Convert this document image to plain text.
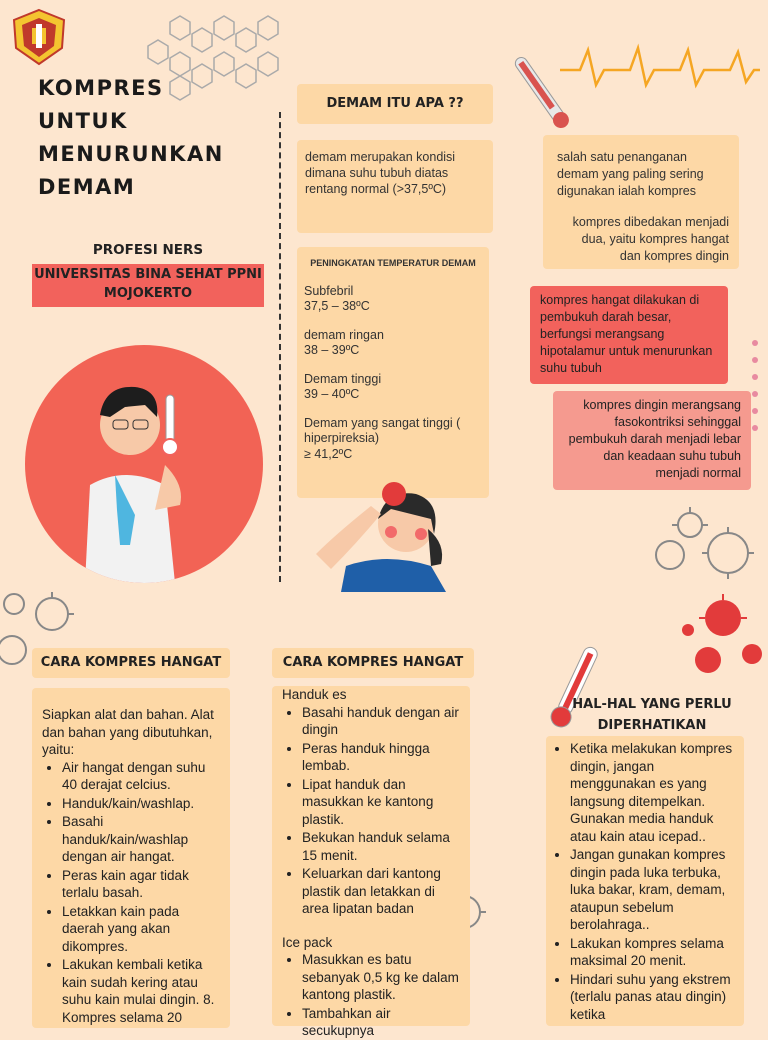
KOMPRES
UNTUK
MENURUNKAN
DEMAM
PROFESI NERS
UNIVERSITAS BINA SEHAT PPNI MOJOKERTO
DEMAM ITU APA ??
demam merupakan kondisi dimana suhu tubuh diatas rentang normal (>37,5ºC)
PENINGKATAN TEMPERATUR DEMAM
Subfebril
37,5 – 38ºC
demam ringan
38 – 39ºC
Demam tinggi
39 – 40ºC
Demam yang sangat tinggi ( hiperpireksia)
≥ 41,2ºC
salah satu penanganan demam yang paling sering digunakan ialah kompres
kompres dibedakan menjadi dua, yaitu kompres hangat dan kompres dingin
kompres hangat dilakukan di pembukuh darah besar, berfungsi merangsang hipotalamur untuk menurunkan suhu tubuh
kompres dingin merangsang fasokontriksi sehinggal pembukuh darah menjadi lebar dan keadaan suhu tubuh menjadi normal
CARA KOMPRES HANGAT
Siapkan alat dan bahan. Alat dan bahan yang dibutuhkan, yaitu:
• Air hangat dengan suhu 40 derajat celcius.
• Handuk/kain/washlap.
• Basahi handuk/kain/washlap dengan air hangat.
• Peras kain agar tidak terlalu basah.
• Letakkan kain pada daerah yang akan dikompres.
• Lakukan kembali ketika kain sudah kering atau suhu kain mulai dingin. 8. Kompres selama 20
CARA KOMPRES HANGAT
Handuk es
• Basahi handuk dengan air dingin
• Peras handuk hingga lembab.
• Lipat handuk dan masukkan ke kantong plastik.
• Bekukan handuk selama 15 menit.
• Keluarkan dari kantong plastik dan letakkan di area lipatan badan
Ice pack
• Masukkan es batu sebanyak 0,5 kg ke dalam kantong plastik.
• Tambahkan air secukupnya
HAL-HAL YANG PERLU DIPERHATIKAN
• Ketika melakukan kompres dingin, jangan menggunakan es yang langsung ditempelkan. Gunakan media handuk atau kain atau icepad..
• Jangan gunakan kompres dingin pada luka terbuka, luka bakar, kram, demam, ataupun sebelum berolahraga..
• Lakukan kompres selama maksimal 20 menit.
• Hindari suhu yang ekstrem (terlalu panas atau dingin) ketika
